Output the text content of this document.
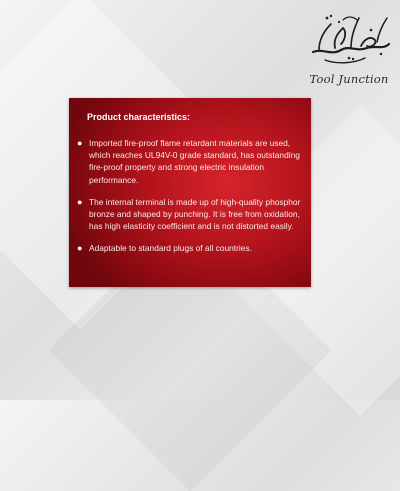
Tool Junction
Product characteristics:
● Imported fire-proof flame retardant materials are used, which reaches UL94V-0 grade standard, has outstanding fire-proof property and strong electric insulation performance.
● The internal terminal is made up of high-quality phosphor bronze and shaped by punching. It is free from oxidation, has high elasticity coefficient and is not distorted easily.
● Adaptable to standard plugs of all countries.
